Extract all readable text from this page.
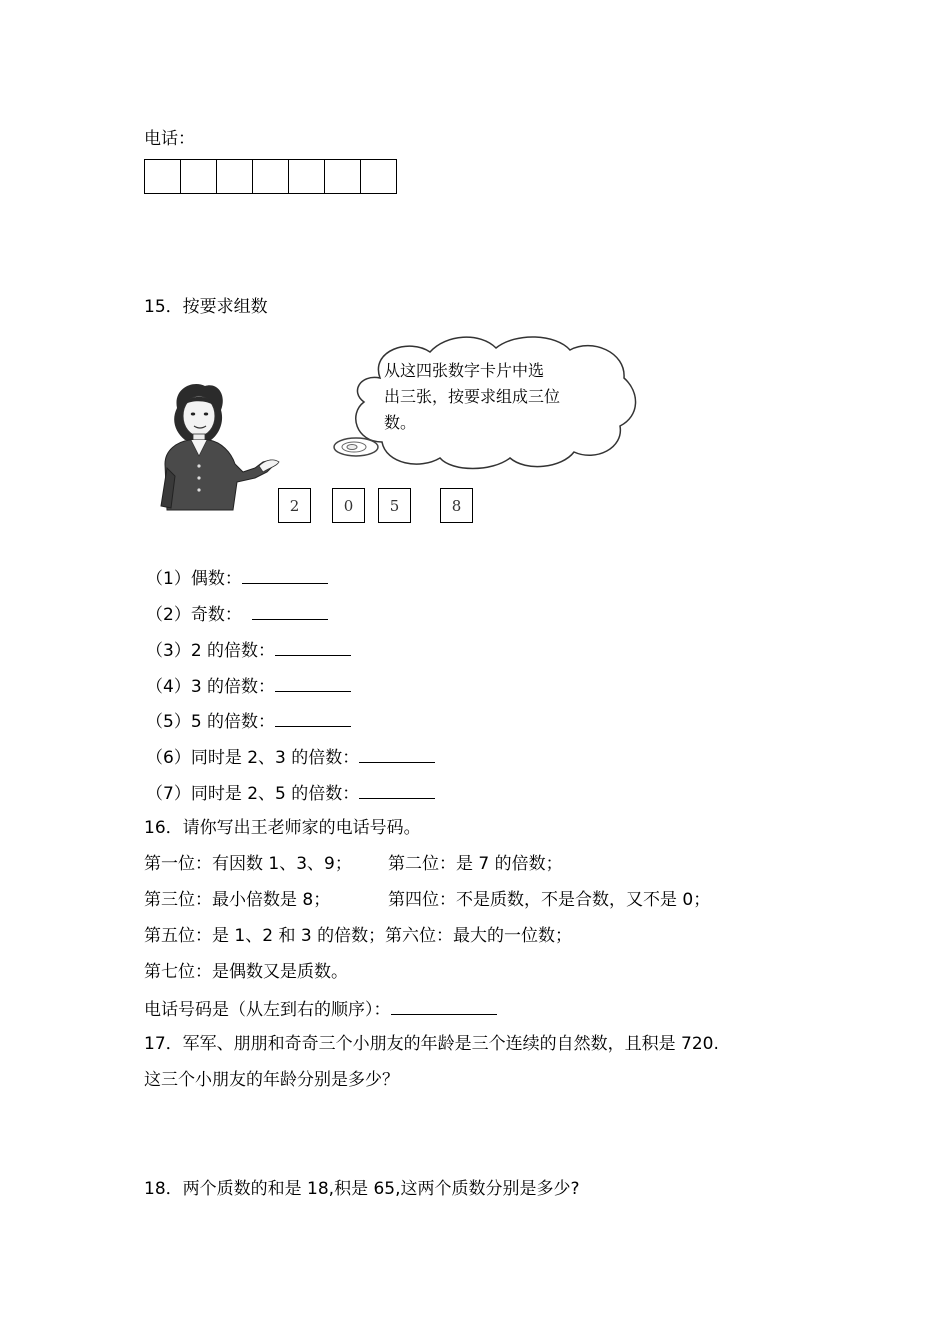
电话：
15．按要求组数
从这四张数字卡片中选
出三张，按要求组成三位
数。
2	0	5	8
（1）偶数：
（2）奇数：
（3）2 的倍数：
（4）3 的倍数：
（5）5 的倍数：
（6）同时是 2、3 的倍数：
（7）同时是 2、5 的倍数：
16．请你写出王老师家的电话号码。
第一位：有因数 1、3、9； 第二位：是 7 的倍数；
第三位：最小倍数是 8；	第四位：不是质数，不是合数，又不是 0；
第五位：是 1、2 和 3 的倍数；第六位：最大的一位数；
第七位：是偶数又是质数。
电话号码是（从左到右的顺序）：
17．军军、朋朋和奇奇三个小朋友的年龄是三个连续的自然数，且积是 720.
这三个小朋友的年龄分别是多少？
18．两个质数的和是 18,积是 65,这两个质数分别是多少?
